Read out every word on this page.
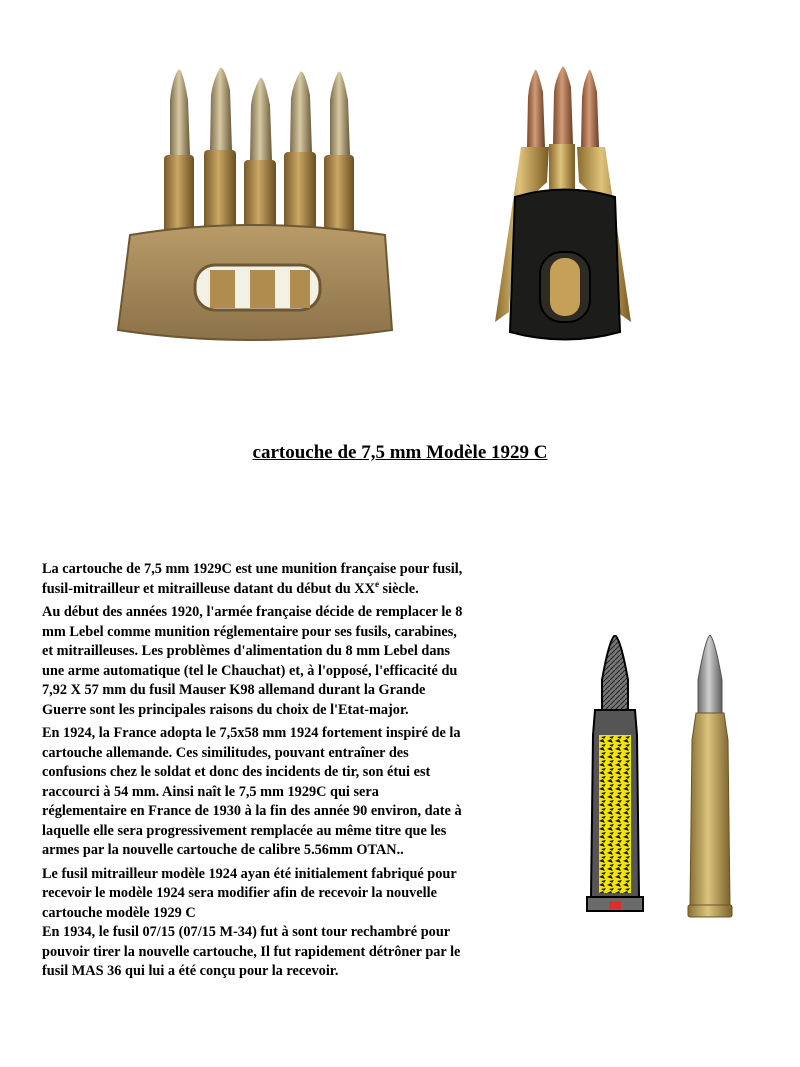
cartouche de 7,5 mm Modèle 1929 C

La cartouche de 7,5 mm 1929C est une munition française pour fusil,
fusil-mitrailleur et mitrailleuse datant du début du XXe siècle.

Au début des années 1920, l'armée française décide de remplacer le 8
mm Lebel comme munition réglementaire pour ses fusils, carabines,
et mitrailleuses. Les problèmes d'alimentation du 8 mm Lebel dans
une arme automatique (tel le Chauchat) et, à l'opposé, l'efficacité du
7,92 X 57 mm du fusil Mauser K98 allemand durant la Grande
Guerre sont les principales raisons du choix de l'Etat-major.

En 1924, la France adopta le 7,5x58 mm 1924 fortement inspiré de la
cartouche allemande. Ces similitudes, pouvant entraîner des
confusions chez le soldat et donc des incidents de tir, son étui est
raccourci à 54 mm. Ainsi naît le 7,5 mm 1929C qui sera
réglementaire en France de 1930 à la fin des année 90 environ, date à
laquelle elle sera progressivement remplacée au même titre que les
armes par la nouvelle cartouche de calibre 5.56mm OTAN..

Le fusil mitrailleur modèle 1924 ayan été initialement fabriqué pour
recevoir le modèle 1924 sera modifier afin de recevoir la nouvelle
cartouche modèle 1929 C
En 1934, le fusil 07/15 (07/15 M-34) fut à sont tour rechambré pour
pouvoir tirer la nouvelle cartouche, Il fut rapidement détrôner par le
fusil MAS 36 qui lui a été conçu pour la recevoir.
